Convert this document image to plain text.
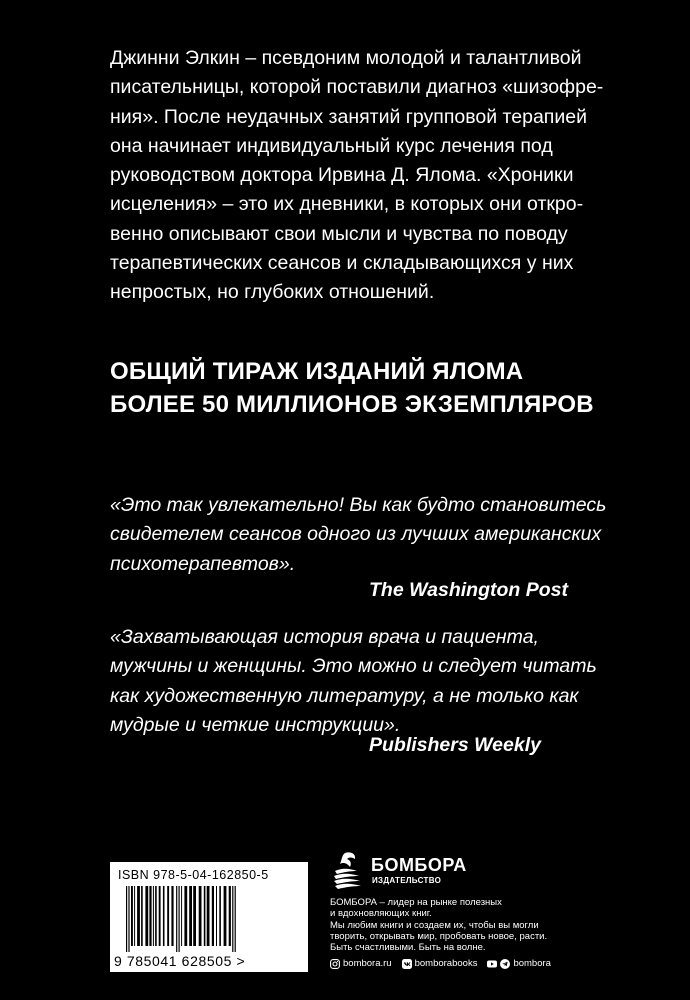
Джинни Элкин – псевдоним молодой и талантливой
писательницы, которой поставили диагноз «шизофре-
ния». После неудачных занятий групповой терапией
она начинает индивидуальный курс лечения под
руководством доктора Ирвина Д. Ялома. «Хроники
исцеления» – это их дневники, в которых они откро-
венно описывают свои мысли и чувства по поводу
терапевтических сеансов и складывающихся у них
непростых, но глубоких отношений.

ОБЩИЙ ТИРАЖ ИЗДАНИЙ ЯЛОМА
БОЛЕЕ 50 МИЛЛИОНОВ ЭКЗЕМПЛЯРОВ

«Это так увлекательно! Вы как будто становитесь
свидетелем сеансов одного из лучших американских
психотерапевтов».

The Washington Post

«Захватывающая история врача и пациента,
мужчины и женщины. Это можно и следует читать
как художественную литературу, а не только как
мудрые и четкие инструкции».

Publishers Weekly
ISBN 978-5-04-162850-5
9 785041 628505 >
БОМБОРА
ИЗДАТЕЛЬСТВО

БОМБОРА – лидер на рынке полезных
и вдохновляющих книг.
Мы любим книги и создаем их, чтобы вы могли
творить, открывать мир, пробовать новое, расти.
Быть счастливыми. Быть на волне.

bombora.ru bomborabooks	bombora
